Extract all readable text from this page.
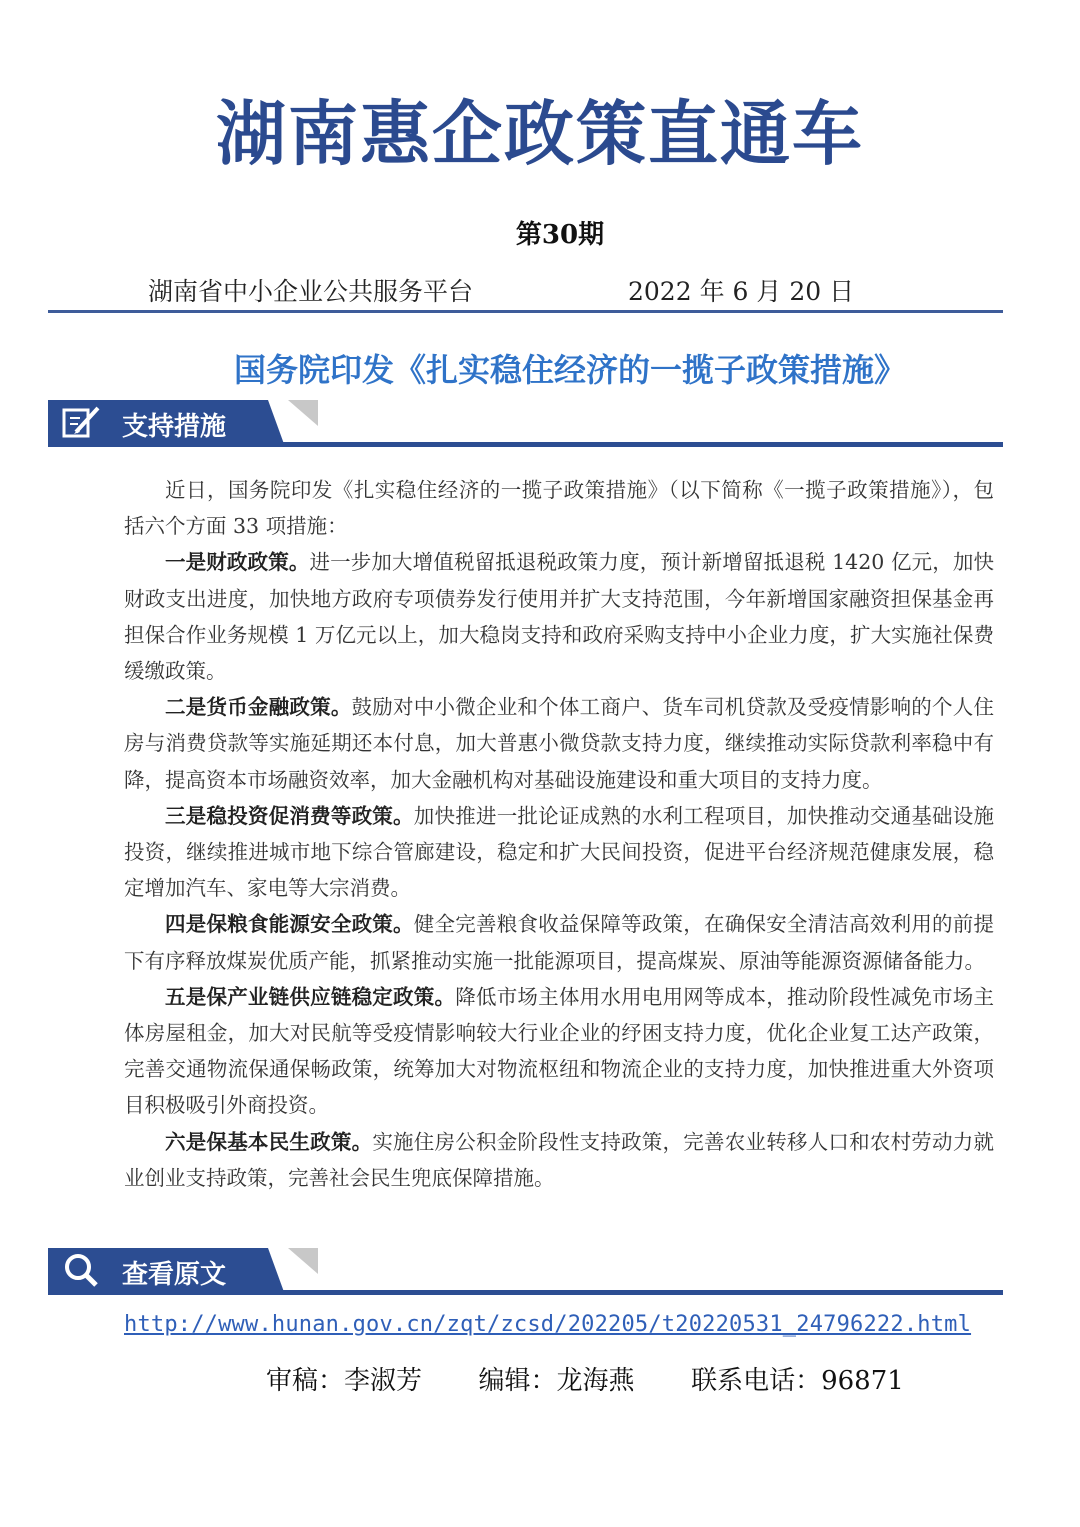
湖南惠企政策直通车
第30期
湖南省中小企业公共服务平台	2022 年 6 月 20 日
国务院印发《扎实稳住经济的一揽子政策措施》
支持措施

近日，国务院印发《扎实稳住经济的一揽子政策措施》（以下简称《一揽子政策措施》），包括六个方面 33 项措施：

一是财政政策。进一步加大增值税留抵退税政策力度，预计新增留抵退税 1420 亿元，加快财政支出进度，加快地方政府专项债券发行使用并扩大支持范围，今年新增国家融资担保基金再担保合作业务规模 1 万亿元以上，加大稳岗支持和政府采购支持中小企业力度，扩大实施社保费缓缴政策。

二是货币金融政策。鼓励对中小微企业和个体工商户、货车司机贷款及受疫情影响的个人住房与消费贷款等实施延期还本付息，加大普惠小微贷款支持力度，继续推动实际贷款利率稳中有降，提高资本市场融资效率，加大金融机构对基础设施建设和重大项目的支持力度。

三是稳投资促消费等政策。加快推进一批论证成熟的水利工程项目，加快推动交通基础设施投资，继续推进城市地下综合管廊建设，稳定和扩大民间投资，促进平台经济规范健康发展，稳定增加汽车、家电等大宗消费。

四是保粮食能源安全政策。健全完善粮食收益保障等政策，在确保安全清洁高效利用的前提下有序释放煤炭优质产能，抓紧推动实施一批能源项目，提高煤炭、原油等能源资源储备能力。

五是保产业链供应链稳定政策。降低市场主体用水用电用网等成本，推动阶段性减免市场主体房屋租金，加大对民航等受疫情影响较大行业企业的纾困支持力度，优化企业复工达产政策，完善交通物流保通保畅政策，统筹加大对物流枢纽和物流企业的支持力度，加快推进重大外资项目积极吸引外商投资。

六是保基本民生政策。实施住房公积金阶段性支持政策，完善农业转移人口和农村劳动力就业创业支持政策，完善社会民生兜底保障措施。

查看原文
http://www.hunan.gov.cn/zqt/zcsd/202205/t20220531_24796222.html
审稿：李淑芳 编辑：龙海燕 联系电话：96871
